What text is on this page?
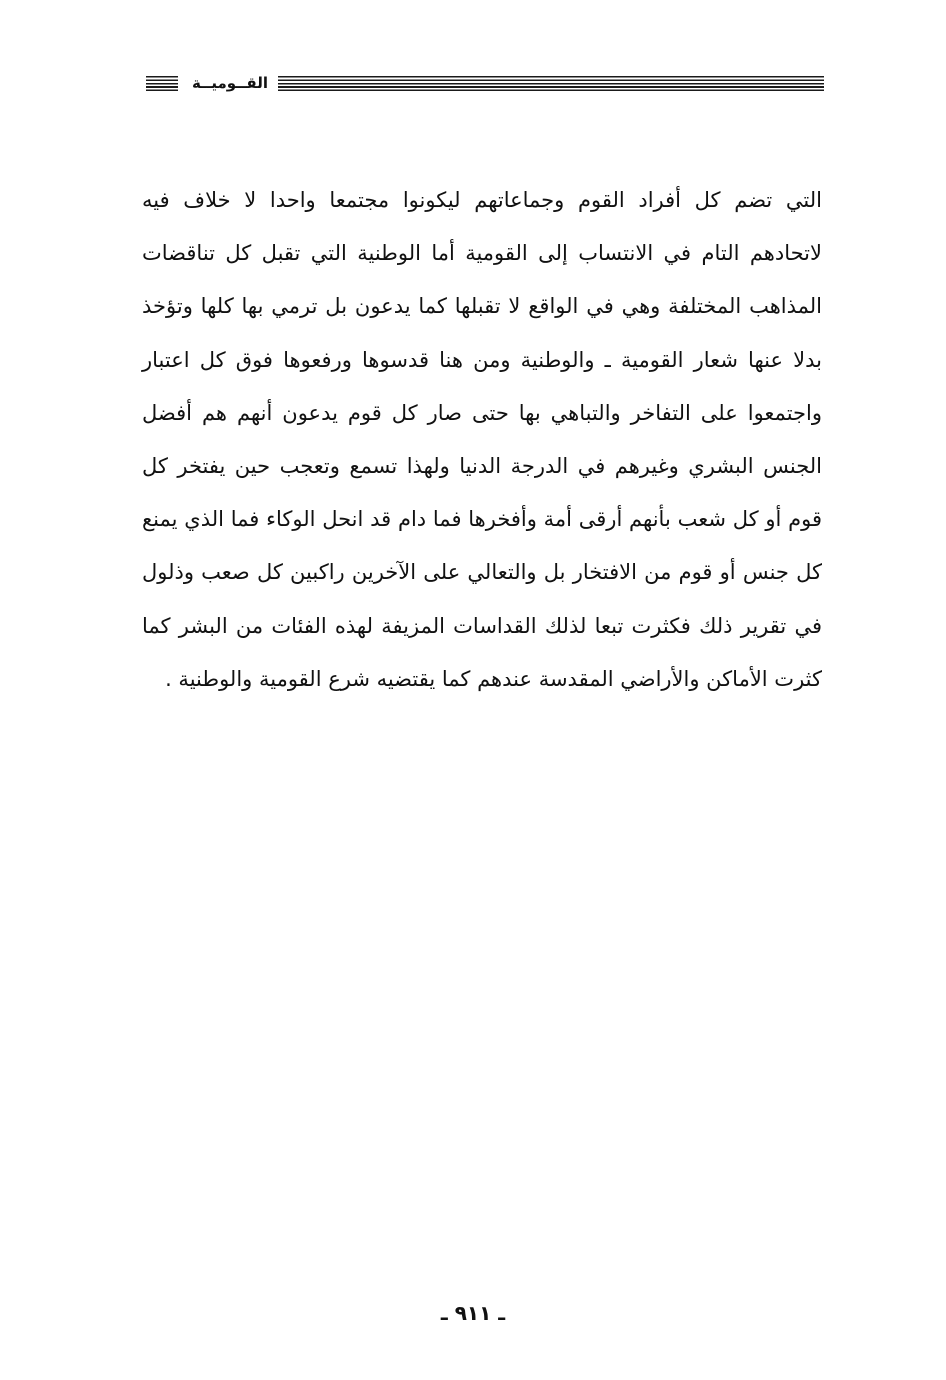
القــوميــة

التي تضم كل أفراد القوم وجماعاتهم ليكونوا مجتمعا واحدا لا خلاف فيه لاتحادهم التام في الانتساب إلى القومية أما الوطنية التي تقبل كل تناقضات المذاهب المختلفة وهي في الواقع لا تقبلها كما يدعون بل ترمي بها كلها وتؤخذ بدلا عنها شعار القومية ـ والوطنية ومن هنا قدسوها ورفعوها فوق كل اعتبار واجتمعوا على التفاخر والتباهي بها حتى صار كل قوم يدعون أنهم هم أفضل الجنس البشري وغيرهم في الدرجة الدنيا ولهذا تسمع وتعجب حين يفتخر كل قوم أو كل شعب بأنهم أرقى أمة وأفخرها فما دام قد انحل الوكاء فما الذي يمنع كل جنس أو قوم من الافتخار بل والتعالي على الآخرين راكبين كل صعب وذلول في تقرير ذلك فكثرت تبعا لذلك القداسات المزيفة لهذه الفئات من البشر كما كثرت الأماكن والأراضي المقدسة عندهم كما يقتضيه شرع القومية والوطنية .

ـ ٩١١ ـ
